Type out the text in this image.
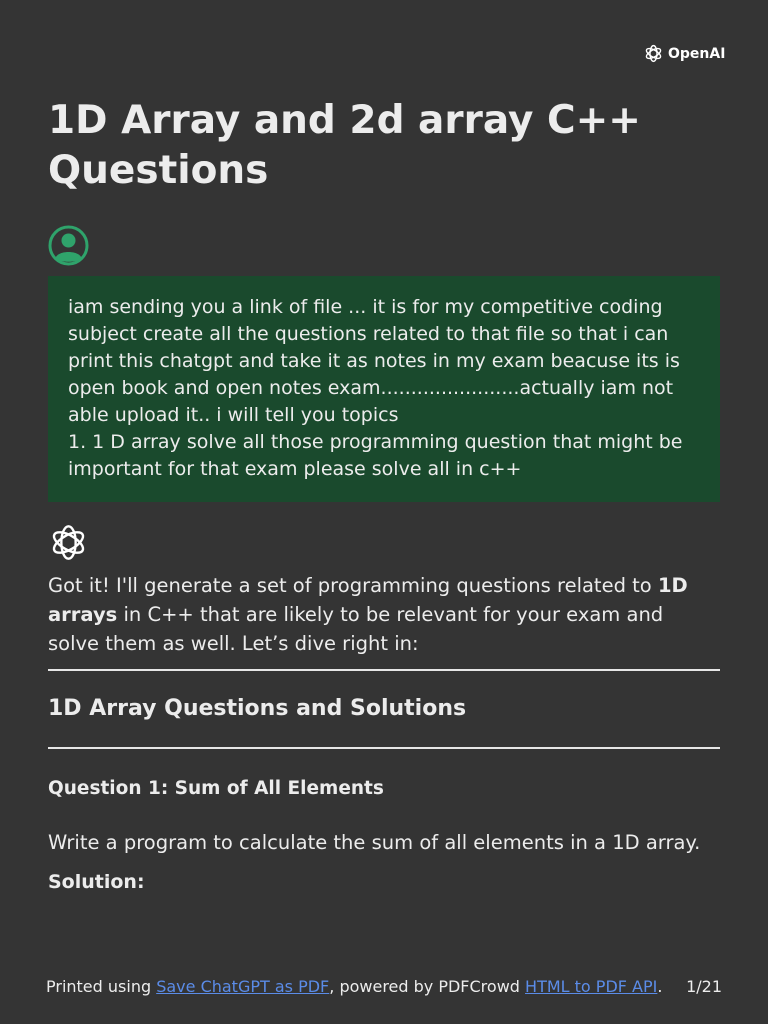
OpenAI
1D Array and 2d array C++ Questions
iam sending you a link of file ... it is for my competitive coding subject create all the questions related to that file so that i can print this chatgpt and take it as notes in my exam beacuse its is open book and open notes exam.......................actually iam not able upload it.. i will tell you topics
1. 1 D array solve all those programming question that might be important for that exam please solve all in c++

Got it! I'll generate a set of programming questions related to 1D arrays in C++ that are likely to be relevant for your exam and solve them as well. Let’s dive right in:

1D Array Questions and Solutions
Question 1: Sum of All Elements

Write a program to calculate the sum of all elements in a 1D array.

Solution:

Printed using Save ChatGPT as PDF, powered by PDFCrowd HTML to PDF API. 1/21
